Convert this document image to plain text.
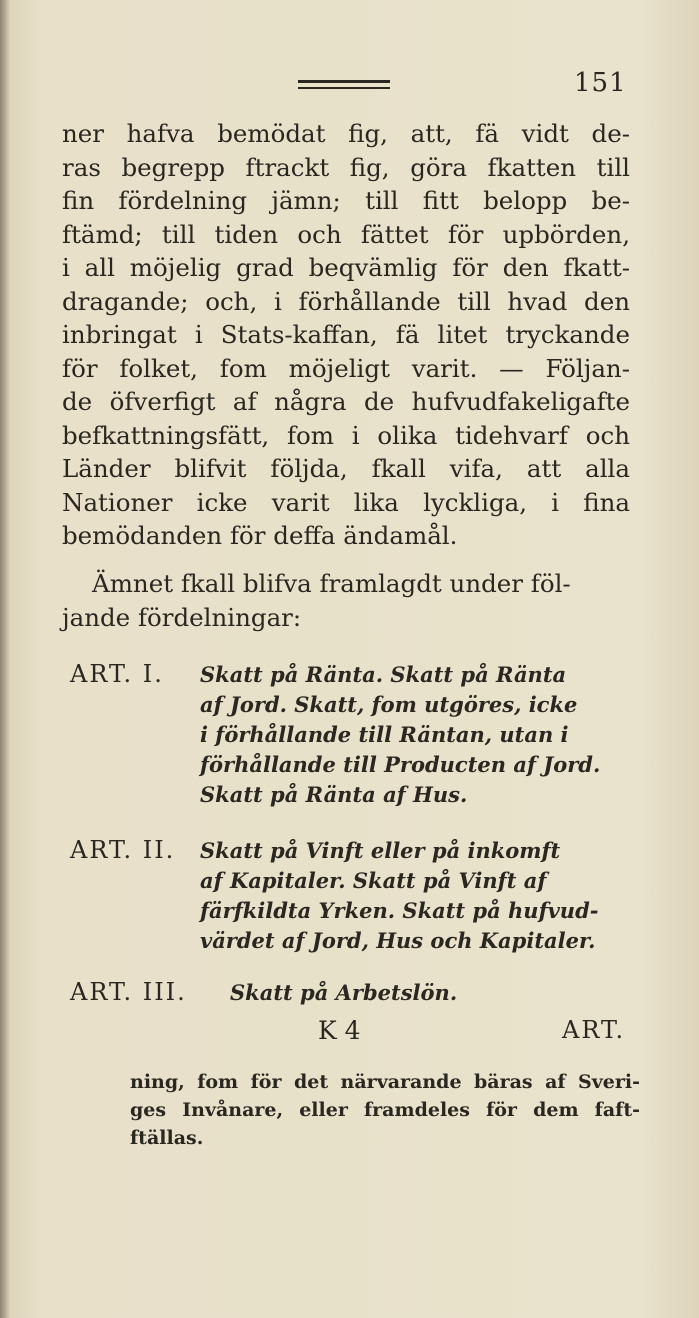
151
ner hafva bemödat fig, att, fä vidt de-
ras begrepp ftrackt fig, göra fkatten till
fin fördelning jämn; till fitt belopp be-
ftämd; till tiden och fättet för upbörden,
i all möjelig grad beqvämlig för den fkatt-
dragande; och, i förhållande till hvad den
inbringat i Stats-kaffan, fä litet tryckande
för folket, fom möjeligt varit. — Följan-
de öfverfigt af några de hufvudfakeligafte
befkattningsfätt, fom i olika tidehvarf och
Länder blifvit följda, fkall vifa, att alla
Nationer icke varit lika lyckliga, i fina
bemödanden för deffa ändamål.
Ämnet fkall blifva framlagdt under föl-
jande fördelningar:
ART. I. Skatt på Ränta. Skatt på Ränta
af Jord. Skatt, fom utgöres, icke
i förhållande till Räntan, utan i
förhållande till Producten af Jord.
Skatt på Ränta af Hus.
ART. II. Skatt på Vinft eller på inkomft
af Kapitaler. Skatt på Vinft af
färfkildta Yrken. Skatt på hufvud-
värdet af Jord, Hus och Kapitaler.
ART. III. Skatt på Arbetslön.
K 4	ART.
ning, fom för det närvarande bäras af Sveri-
ges Invånare, eller framdeles för dem faft-
ftällas.
